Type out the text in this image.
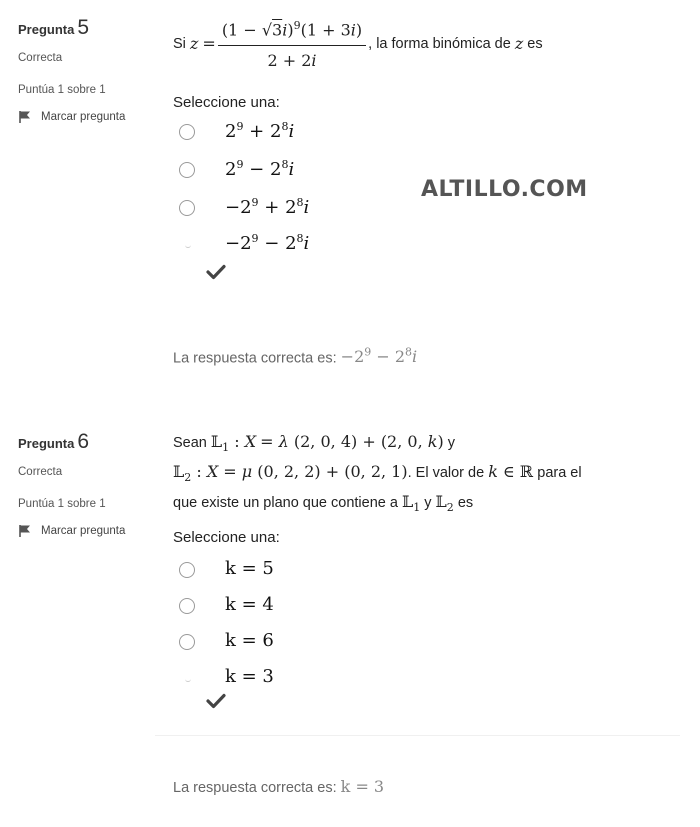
Pregunta 5
Correcta
Puntúa 1 sobre 1
Marcar pregunta
Si
z
= $\frac{(1 - √3i)^9(1 + 3i)}{2 + 2i}$ , la forma binómica de
z
es
Seleccione una:
$2^9 + 2^8i$
$2^9 - 2^8i$
$-2^9 + 2^8i$
$-2^9 - 2^8i$
La respuesta correcta es: $-2^9 - 2^8i$
ALTILLO.COM
Pregunta 6
Correcta
Puntúa 1 sobre 1
Marcar pregunta
Sean 𝕃$_1$ : X = λ (2, 0, 4) + (2, 0, k) y
𝕃$_2$ : X = μ (0, 2, 2) + (0, 2, 1). El valor de k ∈ ℝ para el
que existe un plano que contiene a 𝕃$_1$ y 𝕃$_2$ es
Seleccione una:
k = 5
k = 4
k = 6
k = 3
La respuesta correcta es: k = 3
